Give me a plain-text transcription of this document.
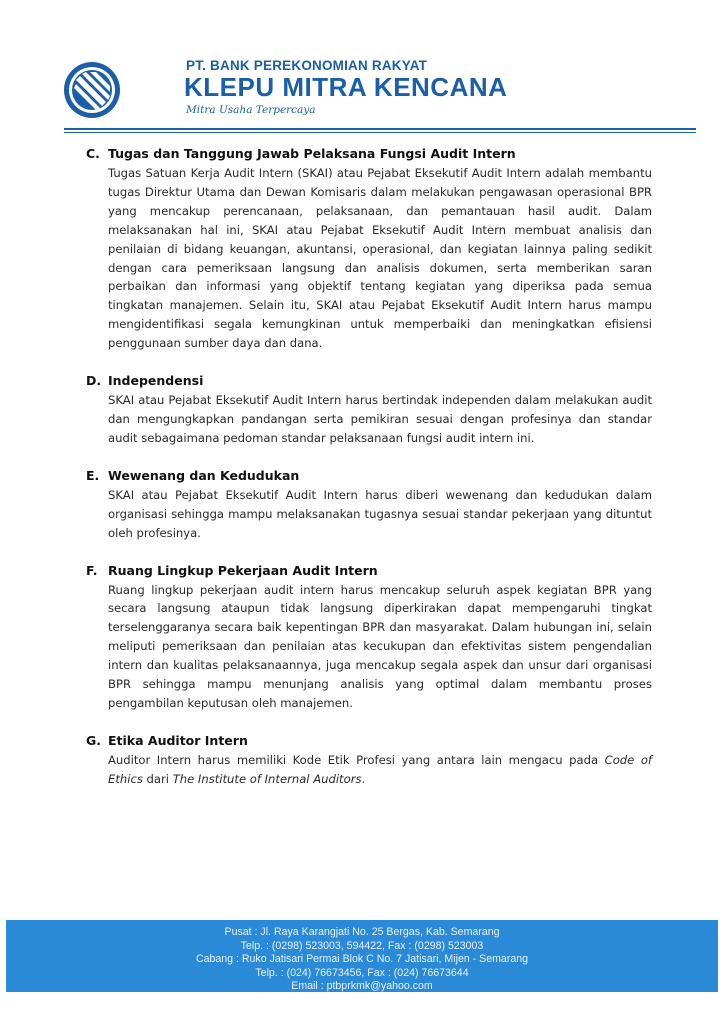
PT. BANK PEREKONOMIAN RAKYAT
KLEPU MITRA KENCANA
Mitra Usaha Terpercaya
C. Tugas dan Tanggung Jawab Pelaksana Fungsi Audit Intern
Tugas Satuan Kerja Audit Intern (SKAI) atau Pejabat Eksekutif Audit Intern adalah membantu tugas Direktur Utama dan Dewan Komisaris dalam melakukan pengawasan operasional BPR yang mencakup perencanaan, pelaksanaan, dan pemantauan hasil audit. Dalam melaksanakan hal ini, SKAI atau Pejabat Eksekutif Audit Intern membuat analisis dan penilaian di bidang keuangan, akuntansi, operasional, dan kegiatan lainnya paling sedikit dengan cara pemeriksaan langsung dan analisis dokumen, serta memberikan saran perbaikan dan informasi yang objektif tentang kegiatan yang diperiksa pada semua tingkatan manajemen. Selain itu, SKAI atau Pejabat Eksekutif Audit Intern harus mampu mengidentifikasi segala kemungkinan untuk memperbaiki dan meningkatkan efisiensi penggunaan sumber daya dan dana.
D. Independensi
SKAI atau Pejabat Eksekutif Audit Intern harus bertindak independen dalam melakukan audit dan mengungkapkan pandangan serta pemikiran sesuai dengan profesinya dan standar audit sebagaimana pedoman standar pelaksanaan fungsi audit intern ini.
E. Wewenang dan Kedudukan
SKAI atau Pejabat Eksekutif Audit Intern harus diberi wewenang dan kedudukan dalam organisasi sehingga mampu melaksanakan tugasnya sesuai standar pekerjaan yang dituntut oleh profesinya.
F. Ruang Lingkup Pekerjaan Audit Intern
Ruang lingkup pekerjaan audit intern harus mencakup seluruh aspek kegiatan BPR yang secara langsung ataupun tidak langsung diperkirakan dapat mempengaruhi tingkat terselenggaranya secara baik kepentingan BPR dan masyarakat. Dalam hubungan ini, selain meliputi pemeriksaan dan penilaian atas kecukupan dan efektivitas sistem pengendalian intern dan kualitas pelaksanaannya, juga mencakup segala aspek dan unsur dari organisasi BPR sehingga mampu menunjang analisis yang optimal dalam membantu proses pengambilan keputusan oleh manajemen.
G. Etika Auditor Intern
Auditor Intern harus memiliki Kode Etik Profesi yang antara lain mengacu pada Code of Ethics dari The Institute of Internal Auditors.
Pusat : Jl. Raya Karangjati No. 25 Bergas, Kab. Semarang
Telp. : (0298) 523003, 594422, Fax : (0298) 523003
Cabang : Ruko Jatisari Permai Blok C No. 7 Jatisari, Mijen - Semarang
Telp. : (024) 76673456, Fax : (024) 76673644
Email : ptbprkmk@yahoo.com
